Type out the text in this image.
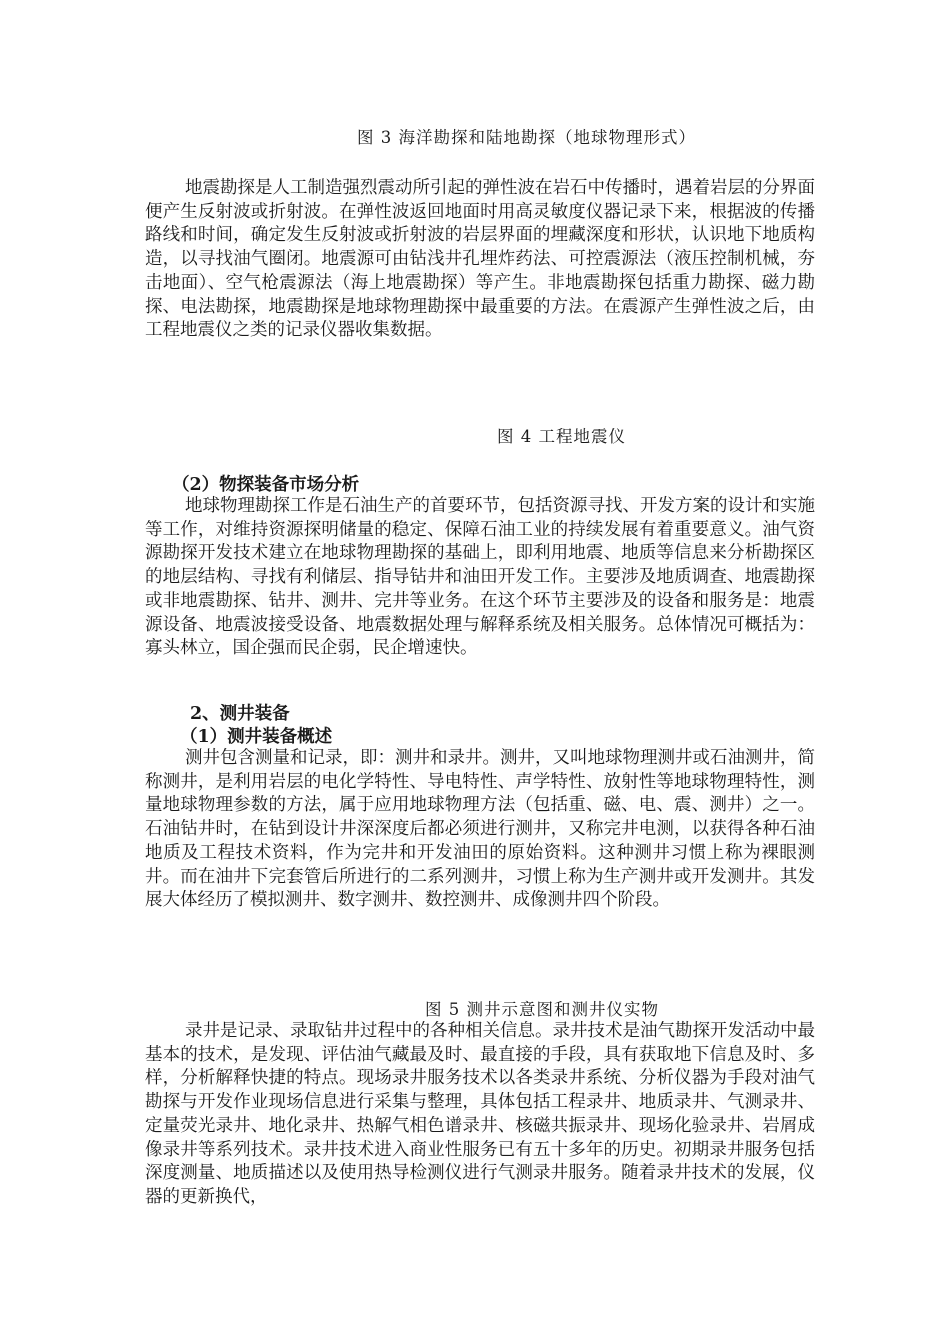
图 3 海洋勘探和陆地勘探（地球物理形式）
地震勘探是人工制造强烈震动所引起的弹性波在岩石中传播时，遇着岩层的分界面便产生反射波或折射波。在弹性波返回地面时用高灵敏度仪器记录下来，根据波的传播路线和时间，确定发生反射波或折射波的岩层界面的埋藏深度和形状，认识地下地质构造，以寻找油气圈闭。地震源可由钻浅井孔埋炸药法、可控震源法（液压控制机械，夯击地面）、空气枪震源法（海上地震勘探）等产生。非地震勘探包括重力勘探、磁力勘探、电法勘探，地震勘探是地球物理勘探中最重要的方法。在震源产生弹性波之后，由工程地震仪之类的记录仪器收集数据。
图 4 工程地震仪
（2）物探装备市场分析
地球物理勘探工作是石油生产的首要环节，包括资源寻找、开发方案的设计和实施等工作，对维持资源探明储量的稳定、保障石油工业的持续发展有着重要意义。油气资源勘探开发技术建立在地球物理勘探的基础上，即利用地震、地质等信息来分析勘探区的地层结构、寻找有利储层、指导钻井和油田开发工作。主要涉及地质调查、地震勘探或非地震勘探、钻井、测井、完井等业务。在这个环节主要涉及的设备和服务是：地震源设备、地震波接受设备、地震数据处理与解释系统及相关服务。总体情况可概括为：寡头林立，国企强而民企弱，民企增速快。
2、测井装备
（1）测井装备概述
测井包含测量和记录，即：测井和录井。测井，又叫地球物理测井或石油测井，简称测井，是利用岩层的电化学特性、导电特性、声学特性、放射性等地球物理特性，测量地球物理参数的方法，属于应用地球物理方法（包括重、磁、电、震、测井）之一。石油钻井时，在钻到设计井深深度后都必须进行测井，又称完井电测，以获得各种石油地质及工程技术资料，作为完井和开发油田的原始资料。这种测井习惯上称为裸眼测井。而在油井下完套管后所进行的二系列测井，习惯上称为生产测井或开发测井。其发展大体经历了模拟测井、数字测井、数控测井、成像测井四个阶段。
图 5 测井示意图和测井仪实物
录井是记录、录取钻井过程中的各种相关信息。录井技术是油气勘探开发活动中最基本的技术，是发现、评估油气藏最及时、最直接的手段，具有获取地下信息及时、多样，分析解释快捷的特点。现场录井服务技术以各类录井系统、分析仪器为手段对油气勘探与开发作业现场信息进行采集与整理，具体包括工程录井、地质录井、气测录井、定量荧光录井、地化录井、热解气相色谱录井、核磁共振录井、现场化验录井、岩屑成像录井等系列技术。录井技术进入商业性服务已有五十多年的历史。初期录井服务包括深度测量、地质描述以及使用热导检测仪进行气测录井服务。随着录井技术的发展，仪器的更新换代，
